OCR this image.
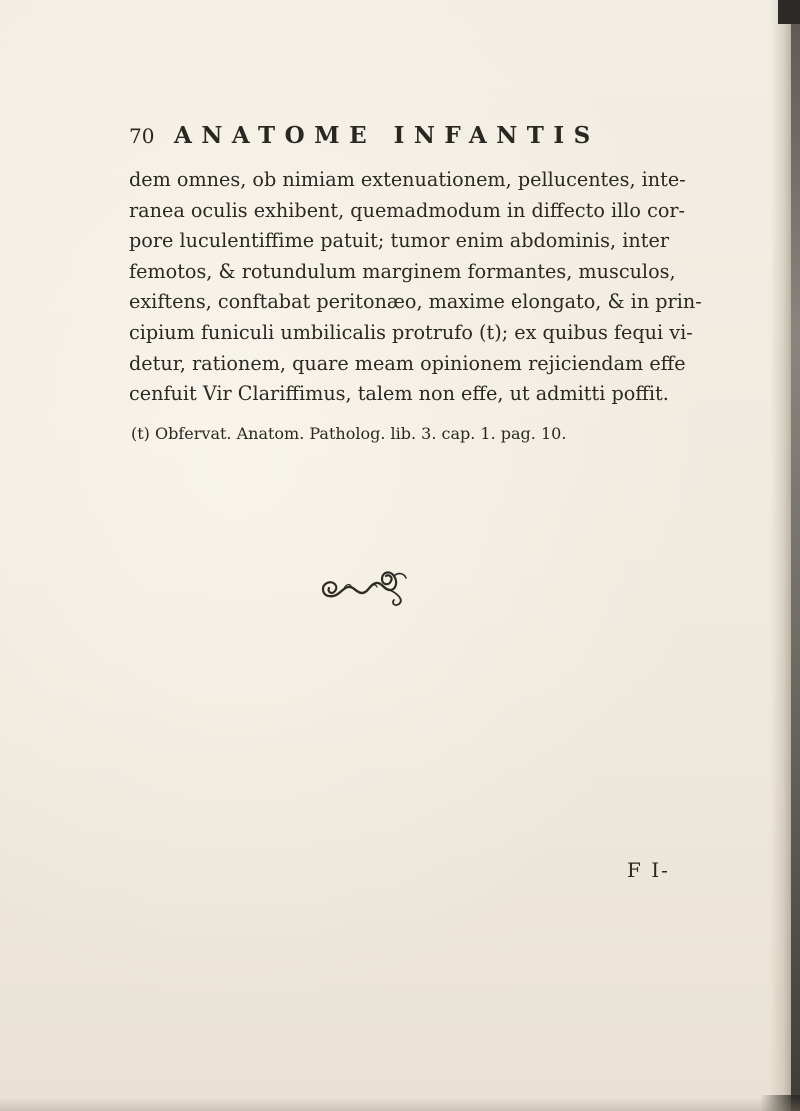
70 ANATOME INFANTIS
dem omnes, ob nimiam extenuationem, pellucentes, inte-
ranea oculis exhibent, quemadmodum in diffecto illo cor-
pore luculentiffime patuit; tumor enim abdominis, inter
femotos, & rotundulum marginem formantes, musculos,
exiftens, conftabat peritonæo, maxime elongato, & in prin-
cipium funiculi umbilicalis protrufo (t); ex quibus fequi vi-
detur, rationem, quare meam opinionem rejiciendam effe
cenfuit Vir Clariffimus, talem non effe, ut admitti poffit.
(t) Obfervat. Anatom. Patholog. lib. 3. cap. 1. pag. 10.
F I-
